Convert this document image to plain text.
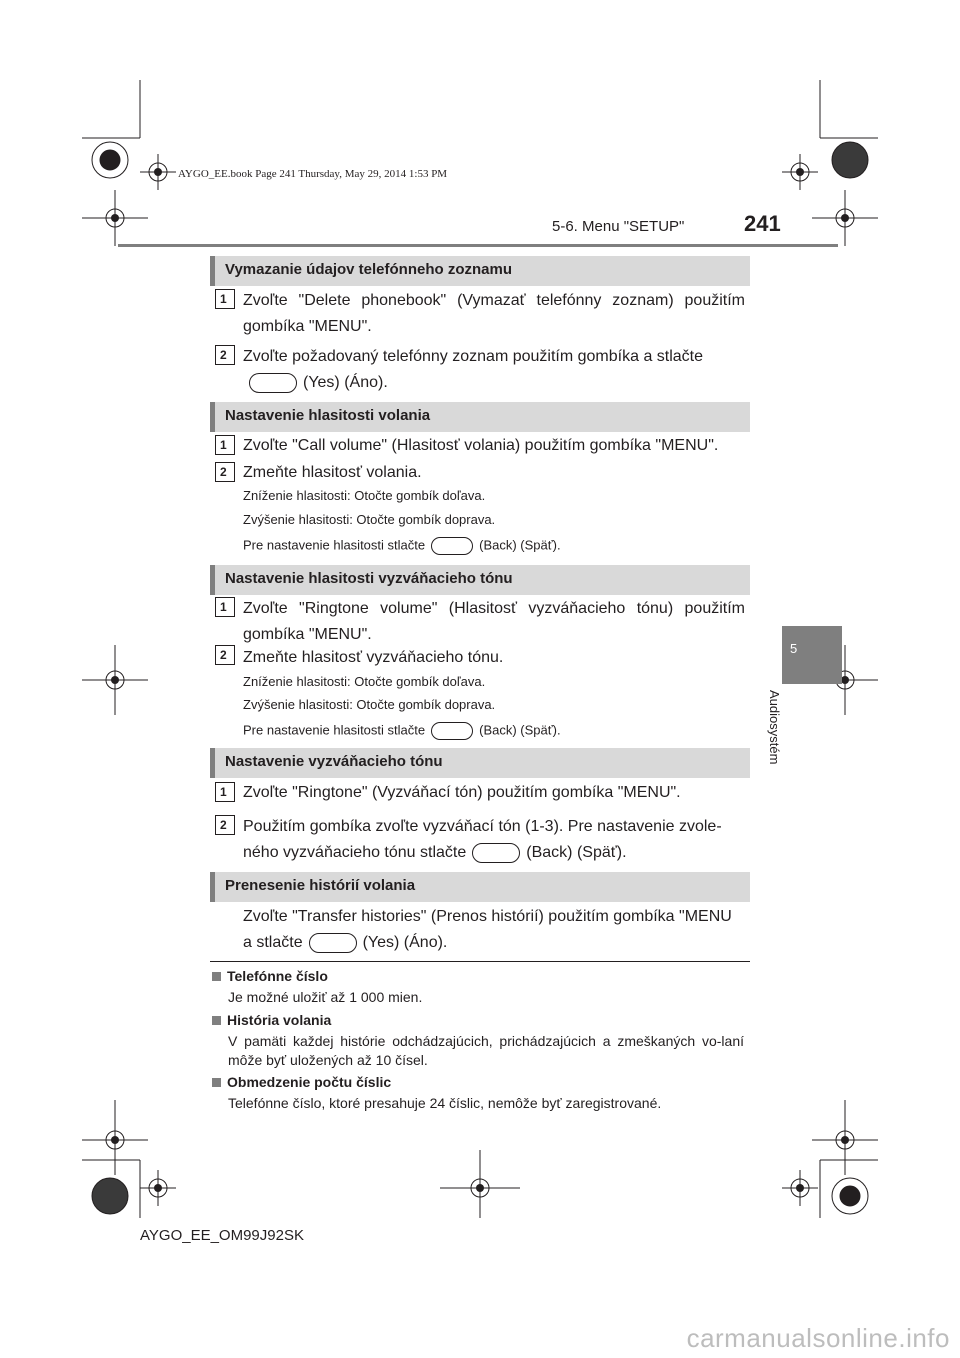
AYGO_EE.book Page 241 Thursday, May 29, 2014 1:53 PM
5-6. Menu "SETUP"	241
5
Audiosystém
Vymazanie údajov telefónneho zoznamu
1 Zvoľte "Delete phonebook" (Vymazať telefónny zoznam) použitím gombíka "MENU".
2 Zvoľte požadovaný telefónny zoznam použitím gombíka a stlačte
(Yes) (Áno).
Nastavenie hlasitosti volania
1 Zvoľte "Call volume" (Hlasitosť volania) použitím gombíka "MENU".
2 Zmeňte hlasitosť volania.
Zníženie hlasitosti: Otočte gombík doľava.
Zvýšenie hlasitosti: Otočte gombík doprava.
Pre nastavenie hlasitosti stlačte	(Back) (Späť).
Nastavenie hlasitosti vyzváňacieho tónu
1 Zvoľte "Ringtone volume" (Hlasitosť vyzváňacieho tónu) použitím gombíka "MENU".
2 Zmeňte hlasitosť vyzváňacieho tónu.
Zníženie hlasitosti: Otočte gombík doľava.
Zvýšenie hlasitosti: Otočte gombík doprava.
Pre nastavenie hlasitosti stlačte	(Back) (Späť).
Nastavenie vyzváňacieho tónu
1 Zvoľte "Ringtone" (Vyzváňací tón) použitím gombíka "MENU".
2 Použitím gombíka zvoľte vyzváňací tón (1-3). Pre nastavenie zvole-
ného vyzváňacieho tónu stlačte	(Back) (Späť).
Prenesenie histórií volania
Zvoľte "Transfer histories" (Prenos histórií) použitím gombíka "MENU
a stlačte	(Yes) (Áno).
Telefónne číslo
Je možné uložiť až 1 000 mien.
História volania
V pamäti každej histórie odchádzajúcich, prichádzajúcich a zmeškaných vo-laní môže byť uložených až 10 čísel.
Obmedzenie počtu číslic
Telefónne číslo, ktoré presahuje 24 číslic, nemôže byť zaregistrované.
AYGO_EE_OM99J92SK
carmanualsonline.info
